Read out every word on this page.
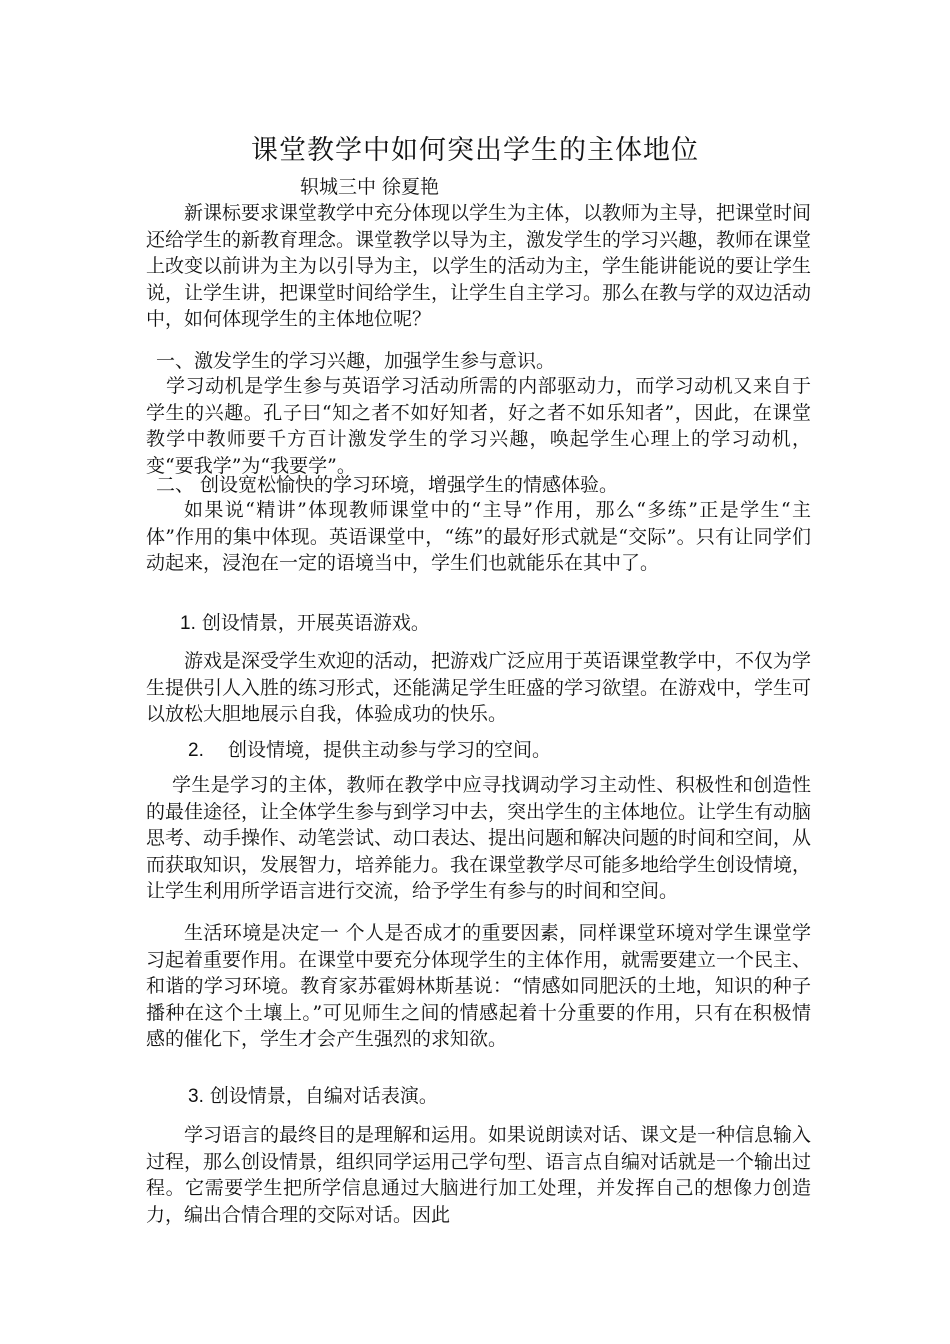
课堂教学中如何突出学生的主体地位
轵城三中 徐夏艳

新课标要求课堂教学中充分体现以学生为主体，以教师为主导，把课堂时间还给学生的新教育理念。课堂教学以导为主，激发学生的学习兴趣，教师在课堂上改变以前讲为主为以引导为主，以学生的活动为主，学生能讲能说的要让学生说，让学生讲，把课堂时间给学生，让学生自主学习。那么在教与学的双边活动中，如何体现学生的主体地位呢？

一、激发学生的学习兴趣，加强学生参与意识。

学习动机是学生参与英语学习活动所需的内部驱动力，而学习动机又来自于学生的兴趣。孔子曰“知之者不如好知者，好之者不如乐知者”，因此，在课堂教学中教师要千方百计激发学生的学习兴趣，唤起学生心理上的学习动机，变“要我学”为“我要学”。

二、 创设宽松愉快的学习环境，增强学生的情感体验。

如果说“精讲”体现教师课堂中的“主导”作用，那么“多练”正是学生“主体”作用的集中体现。英语课堂中，“练”的最好形式就是“交际”。只有让同学们动起来，浸泡在一定的语境当中，学生们也就能乐在其中了。

1. 创设情景，开展英语游戏。

游戏是深受学生欢迎的活动，把游戏广泛应用于英语课堂教学中，不仅为学生提供引人入胜的练习形式，还能满足学生旺盛的学习欲望。在游戏中，学生可以放松大胆地展示自我，体验成功的快乐。

2. 创设情境，提供主动参与学习的空间。

学生是学习的主体，教师在教学中应寻找调动学习主动性、积极性和创造性的最佳途径，让全体学生参与到学习中去，突出学生的主体地位。让学生有动脑思考、动手操作、动笔尝试、动口表达、提出问题和解决问题的时间和空间，从而获取知识，发展智力，培养能力。我在课堂教学尽可能多地给学生创设情境，让学生利用所学语言进行交流，给予学生有参与的时间和空间。

生活环境是决定一 个人是否成才的重要因素，同样课堂环境对学生课堂学习起着重要作用。在课堂中要充分体现学生的主体作用，就需要建立一个民主、和谐的学习环境。教育家苏霍姆林斯基说：“情感如同肥沃的土地，知识的种子播种在这个土壤上。”可见师生之间的情感起着十分重要的作用，只有在积极情感的催化下，学生才会产生强烈的求知欲。

3. 创设情景，自编对话表演。

学习语言的最终目的是理解和运用。如果说朗读对话、课文是一种信息输入过程，那么创设情景，组织同学运用己学句型、语言点自编对话就是一个输出过程。它需要学生把所学信息通过大脑进行加工处理，并发挥自己的想像力创造力，编出合情合理的交际对话。因此
